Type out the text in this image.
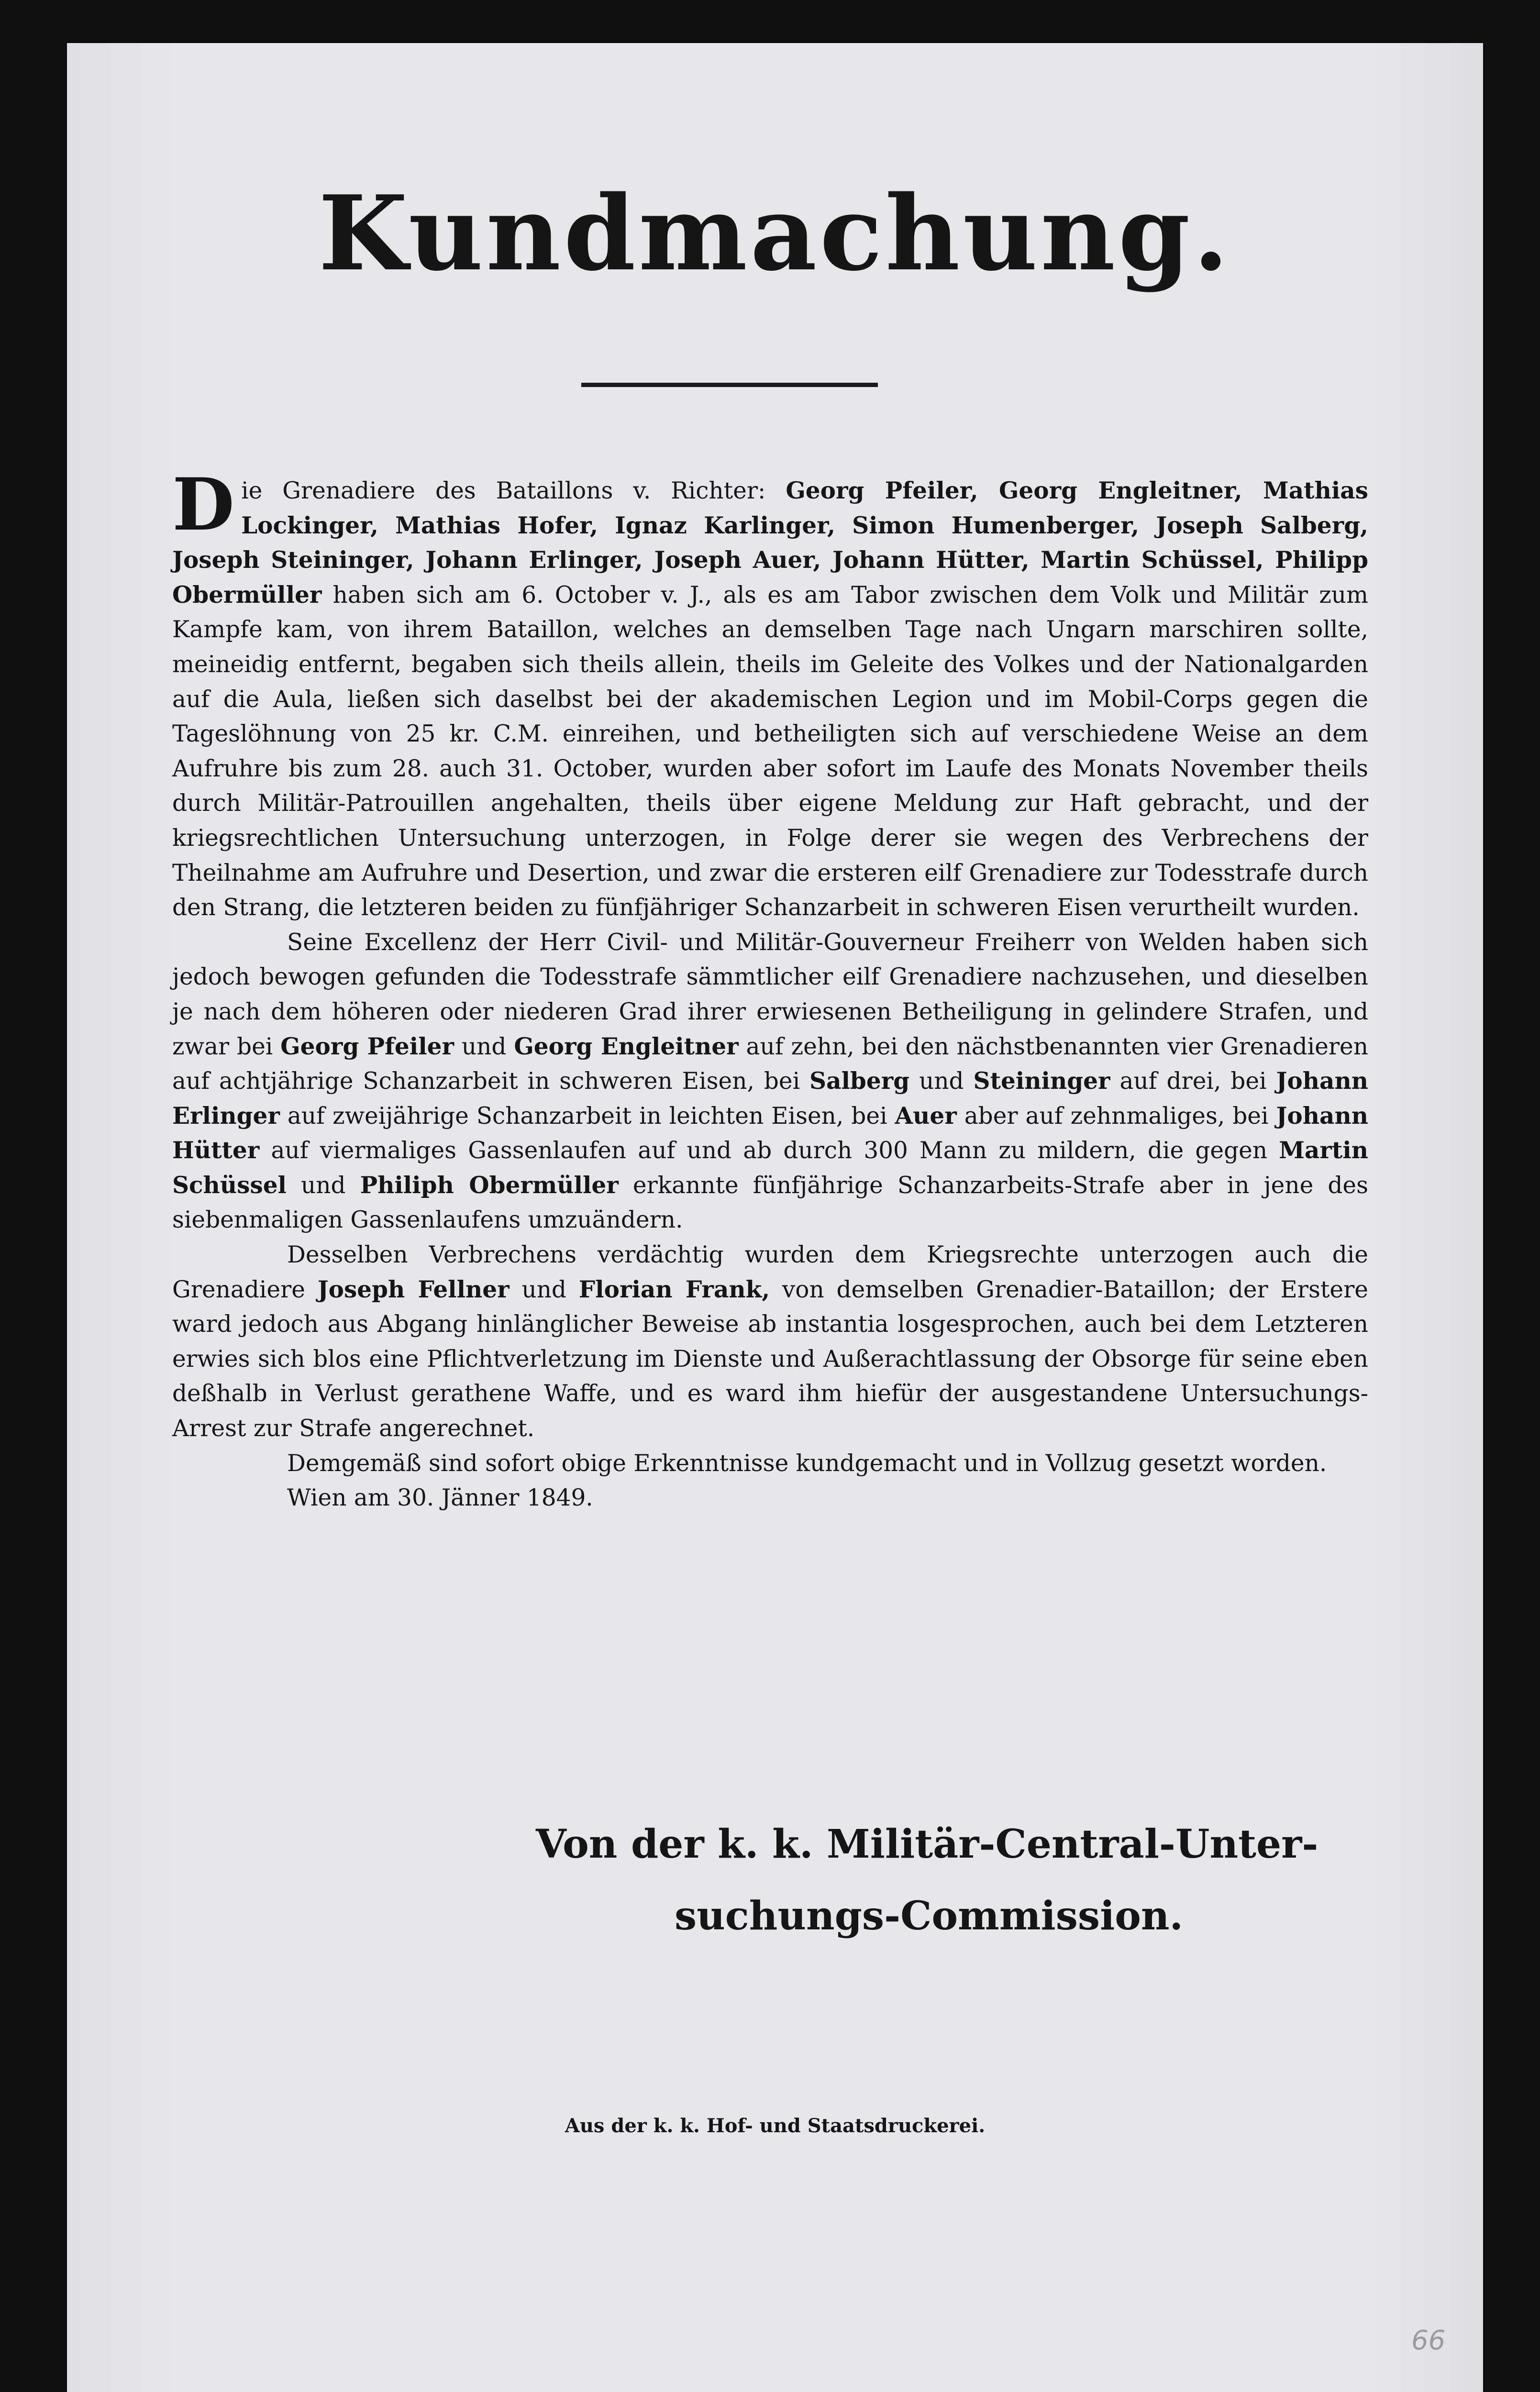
Kundmachung.

Die Grenadiere des Bataillons v. Richter: Georg Pfeiler, Georg Engleitner, Mathias Lockinger, Mathias Hofer, Ignaz Karlinger, Simon Humenberger, Joseph Salberg, Joseph Steininger, Johann Erlinger, Joseph Auer, Johann Hütter, Martin Schüssel, Philipp Obermüller haben sich am 6. October v. J., als es am Tabor zwischen dem Volk und Militär zum Kampfe kam, von ihrem Bataillon, welches an demselben Tage nach Ungarn marschiren sollte, meineidig entfernt, begaben sich theils allein, theils im Geleite des Volkes und der Nationalgarden auf die Aula, ließen sich daselbst bei der akademischen Legion und im Mobil-Corps gegen die Tageslöhnung von 25 kr. C.M. einreihen, und betheiligten sich auf verschiedene Weise an dem Aufruhre bis zum 28. auch 31. October, wurden aber sofort im Laufe des Monats November theils durch Militär-Patrouillen angehalten, theils über eigene Meldung zur Haft gebracht, und der kriegsrechtlichen Untersuchung unterzogen, in Folge derer sie wegen des Verbrechens der Theilnahme am Aufruhre und Desertion, und zwar die ersteren eilf Grenadiere zur Todesstrafe durch den Strang, die letzteren beiden zu fünfjähriger Schanzarbeit in schweren Eisen verurtheilt wurden.

Seine Excellenz der Herr Civil- und Militär-Gouverneur Freiherr von Welden haben sich jedoch bewogen gefunden die Todesstrafe sämmtlicher eilf Grenadiere nachzusehen, und dieselben je nach dem höheren oder niederen Grad ihrer erwiesenen Betheiligung in gelindere Strafen, und zwar bei Georg Pfeiler und Georg Engleitner auf zehn, bei den nächstbenannten vier Grenadieren auf achtjährige Schanzarbeit in schweren Eisen, bei Salberg und Steininger auf drei, bei Johann Erlinger auf zweijährige Schanzarbeit in leichten Eisen, bei Auer aber auf zehnmaliges, bei Johann Hütter auf viermaliges Gassenlaufen auf und ab durch 300 Mann zu mildern, die gegen Martin Schüssel und Philiph Obermüller erkannte fünfjährige Schanzarbeits-Strafe aber in jene des siebenmaligen Gassenlaufens umzuändern.

Desselben Verbrechens verdächtig wurden dem Kriegsrechte unterzogen auch die Grenadiere Joseph Fellner und Florian Frank, von demselben Grenadier-Bataillon; der Erstere ward jedoch aus Abgang hinlänglicher Beweise ab instantia losgesprochen, auch bei dem Letzteren erwies sich blos eine Pflichtverletzung im Dienste und Außerachtlassung der Obsorge für seine eben deßhalb in Verlust gerathene Waffe, und es ward ihm hiefür der ausgestandene Untersuchungs-Arrest zur Strafe angerechnet.

Demgemäß sind sofort obige Erkenntnisse kundgemacht und in Vollzug gesetzt worden.

Wien am 30. Jänner 1849.

Von der k. k. Militär-Central-Unter-
suchungs-Commission.
Aus der k. k. Hof- und Staatsdruckerei.
66
